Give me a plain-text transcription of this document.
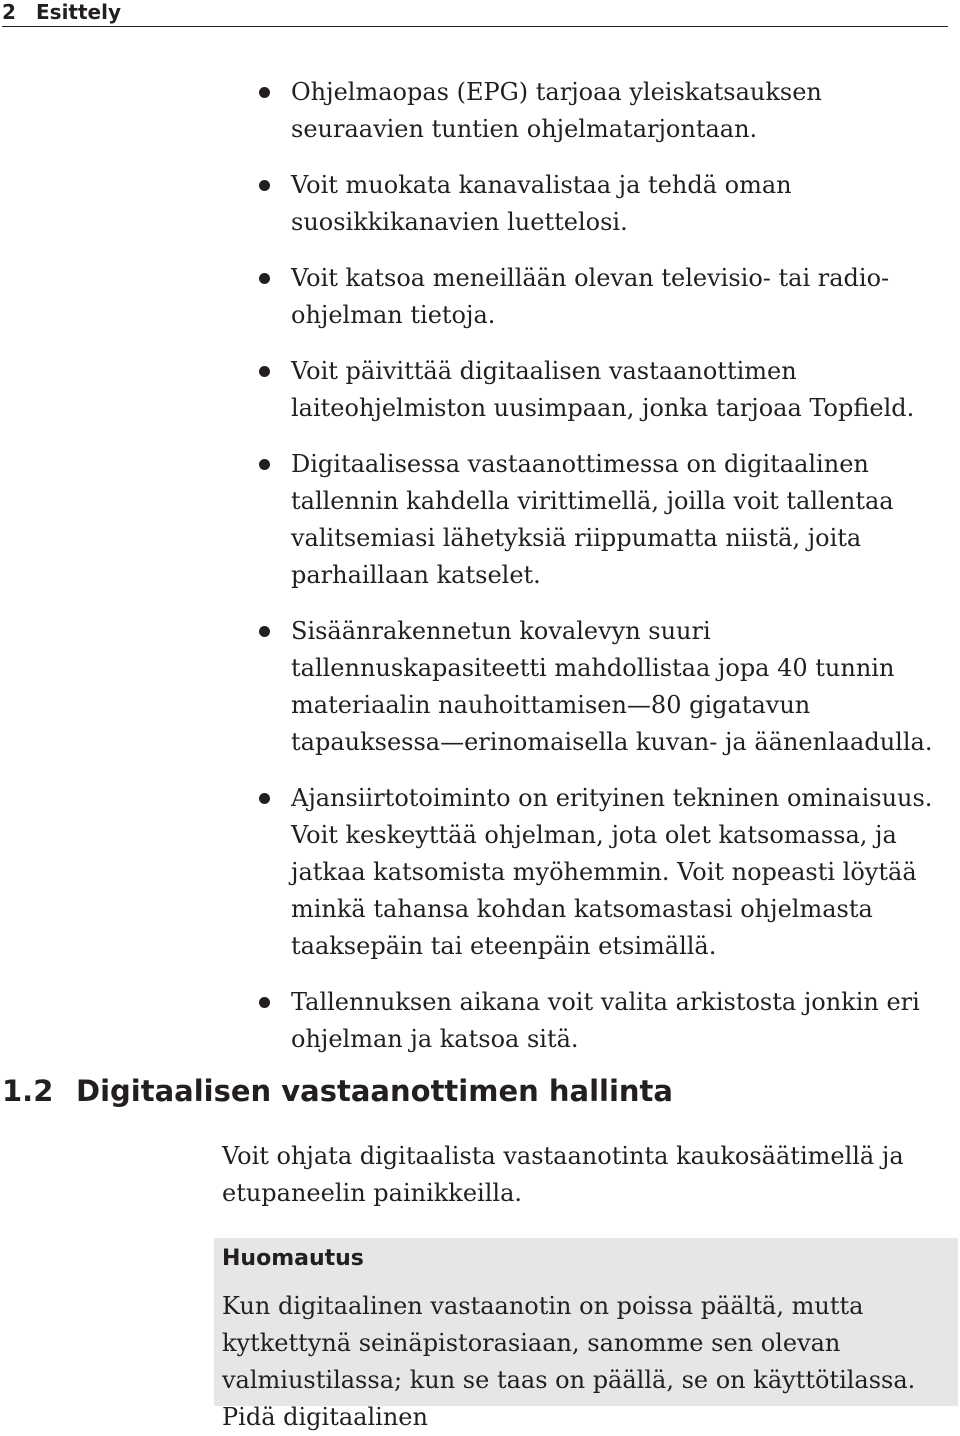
2 Esittely
Ohjelmaopas (EPG) tarjoaa yleiskatsauksen seuraavien tuntien ohjelmatarjontaan.
Voit muokata kanavalistaa ja tehdä oman suosikkikanavien luettelosi.
Voit katsoa meneillään olevan televisio- tai radio-ohjelman tietoja.
Voit päivittää digitaalisen vastaanottimen laiteohjelmiston uusimpaan, jonka tarjoaa Topfield.
Digitaalisessa vastaanottimessa on digitaalinen tallennin kahdella virittimellä, joilla voit tallentaa valitsemiasi lähetyksiä riippumatta niistä, joita parhaillaan katselet.
Sisäänrakennetun kovalevyn suuri tallennuskapasiteetti mahdollistaa jopa 40 tunnin materiaalin nauhoittamisen—80 gigatavun tapauksessa—erinomaisella kuvan- ja äänenlaadulla.
Ajansiirtotoiminto on erityinen tekninen ominaisuus. Voit keskeyttää ohjelman, jota olet katsomassa, ja jatkaa katsomista myöhemmin. Voit nopeasti löytää minkä tahansa kohdan katsomastasi ohjelmasta taaksepäin tai eteenpäin etsimällä.
Tallennuksen aikana voit valita arkistosta jonkin eri ohjelman ja katsoa sitä.
1.2 Digitaalisen vastaanottimen hallinta

Voit ohjata digitaalista vastaanotinta kaukosäätimellä ja etupaneelin painikkeilla.

Huomautus

Kun digitaalinen vastaanotin on poissa päältä, mutta kytkettynä seinäpistorasiaan, sanomme sen olevan valmiustilassa; kun se taas on päällä, se on käyttötilassa. Pidä digitaalinen
